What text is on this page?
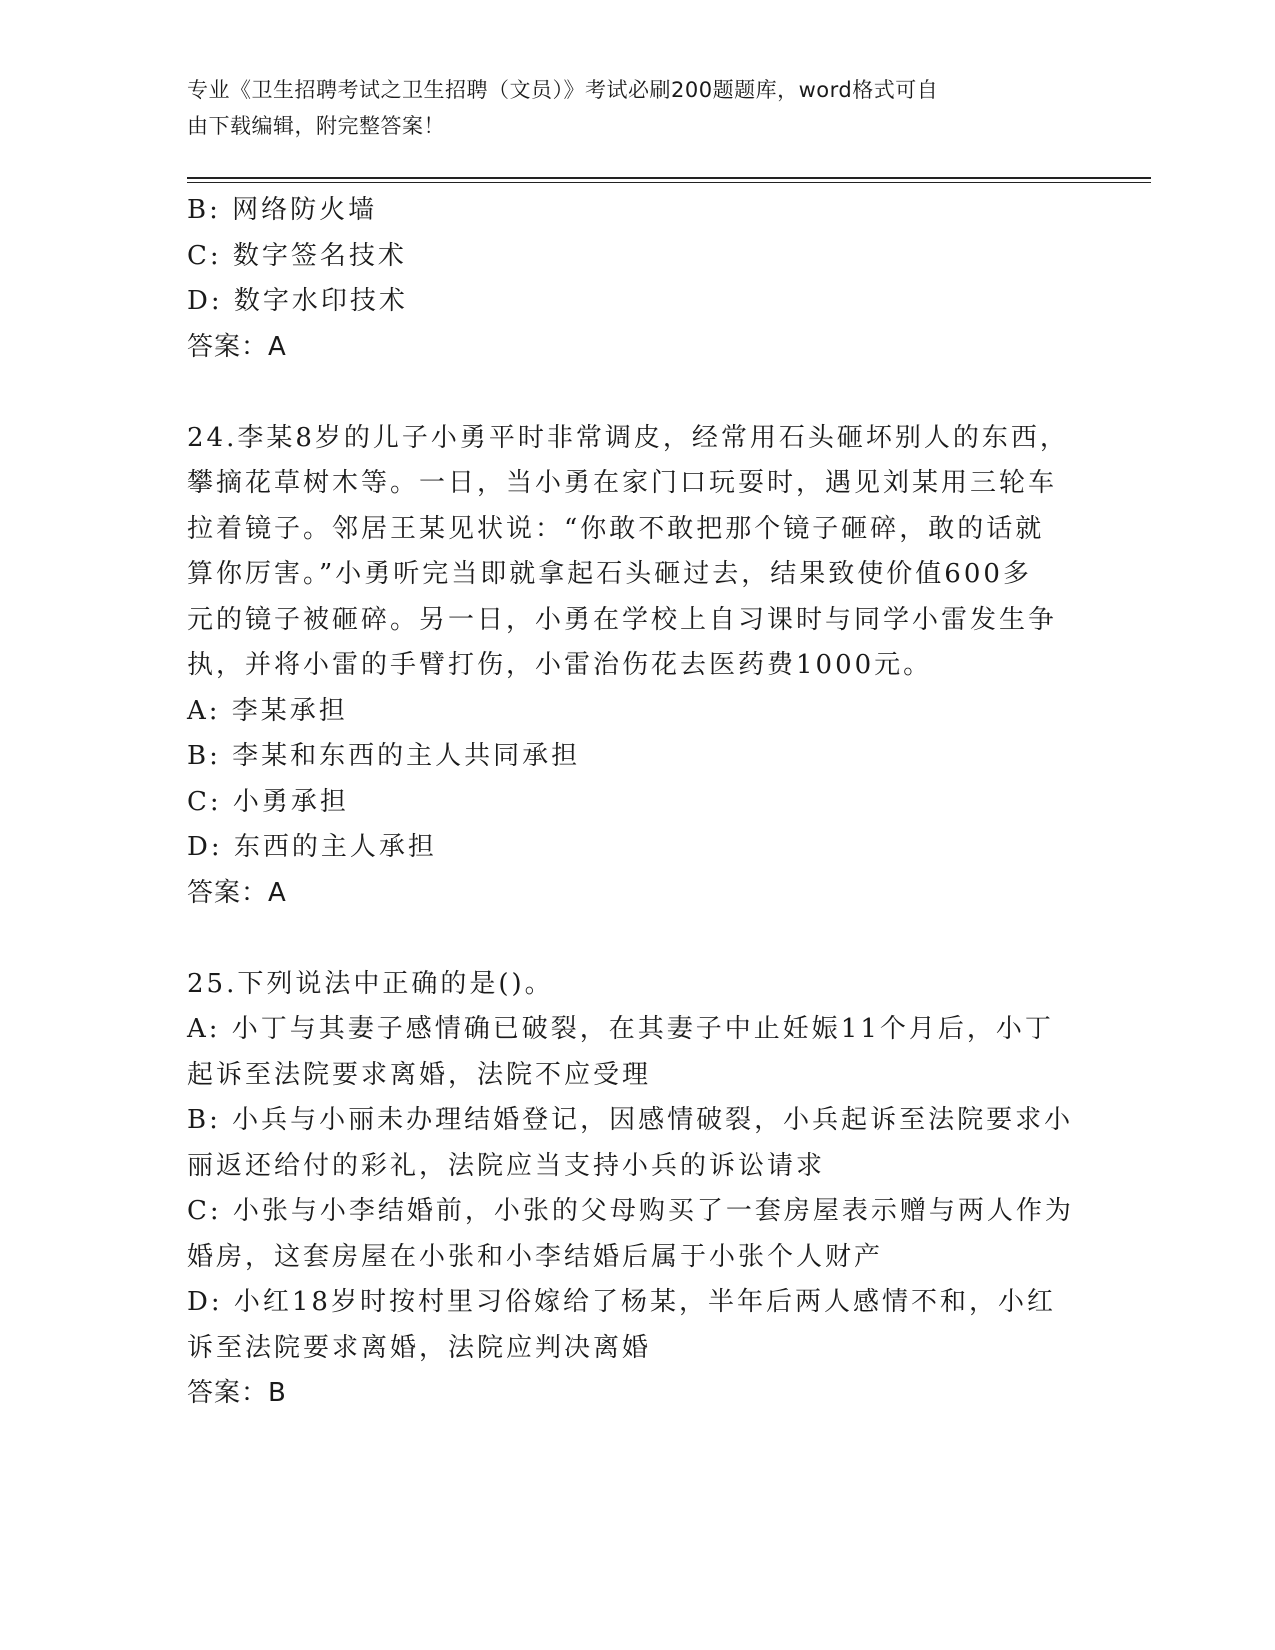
专业《卫生招聘考试之卫生招聘（文员）》考试必刷200题题库，word格式可自
由下载编辑，附完整答案！
B: 网络防火墙
C: 数字签名技术
D: 数字水印技术
答案：A
24.李某8岁的儿子小勇平时非常调皮，经常用石头砸坏别人的东西，
攀摘花草树木等。一日，当小勇在家门口玩耍时，遇见刘某用三轮车
拉着镜子。邻居王某见状说：“你敢不敢把那个镜子砸碎，敢的话就
算你厉害。”小勇听完当即就拿起石头砸过去，结果致使价值600多
元的镜子被砸碎。另一日，小勇在学校上自习课时与同学小雷发生争
执，并将小雷的手臂打伤，小雷治伤花去医药费1000元。
A: 李某承担
B: 李某和东西的主人共同承担
C: 小勇承担
D: 东西的主人承担
答案：A
25.下列说法中正确的是()。
A: 小丁与其妻子感情确已破裂，在其妻子中止妊娠11个月后，小丁
起诉至法院要求离婚，法院不应受理
B: 小兵与小丽未办理结婚登记，因感情破裂，小兵起诉至法院要求小
丽返还给付的彩礼，法院应当支持小兵的诉讼请求
C: 小张与小李结婚前，小张的父母购买了一套房屋表示赠与两人作为
婚房，这套房屋在小张和小李结婚后属于小张个人财产
D: 小红18岁时按村里习俗嫁给了杨某，半年后两人感情不和，小红
诉至法院要求离婚，法院应判决离婚
答案：B
